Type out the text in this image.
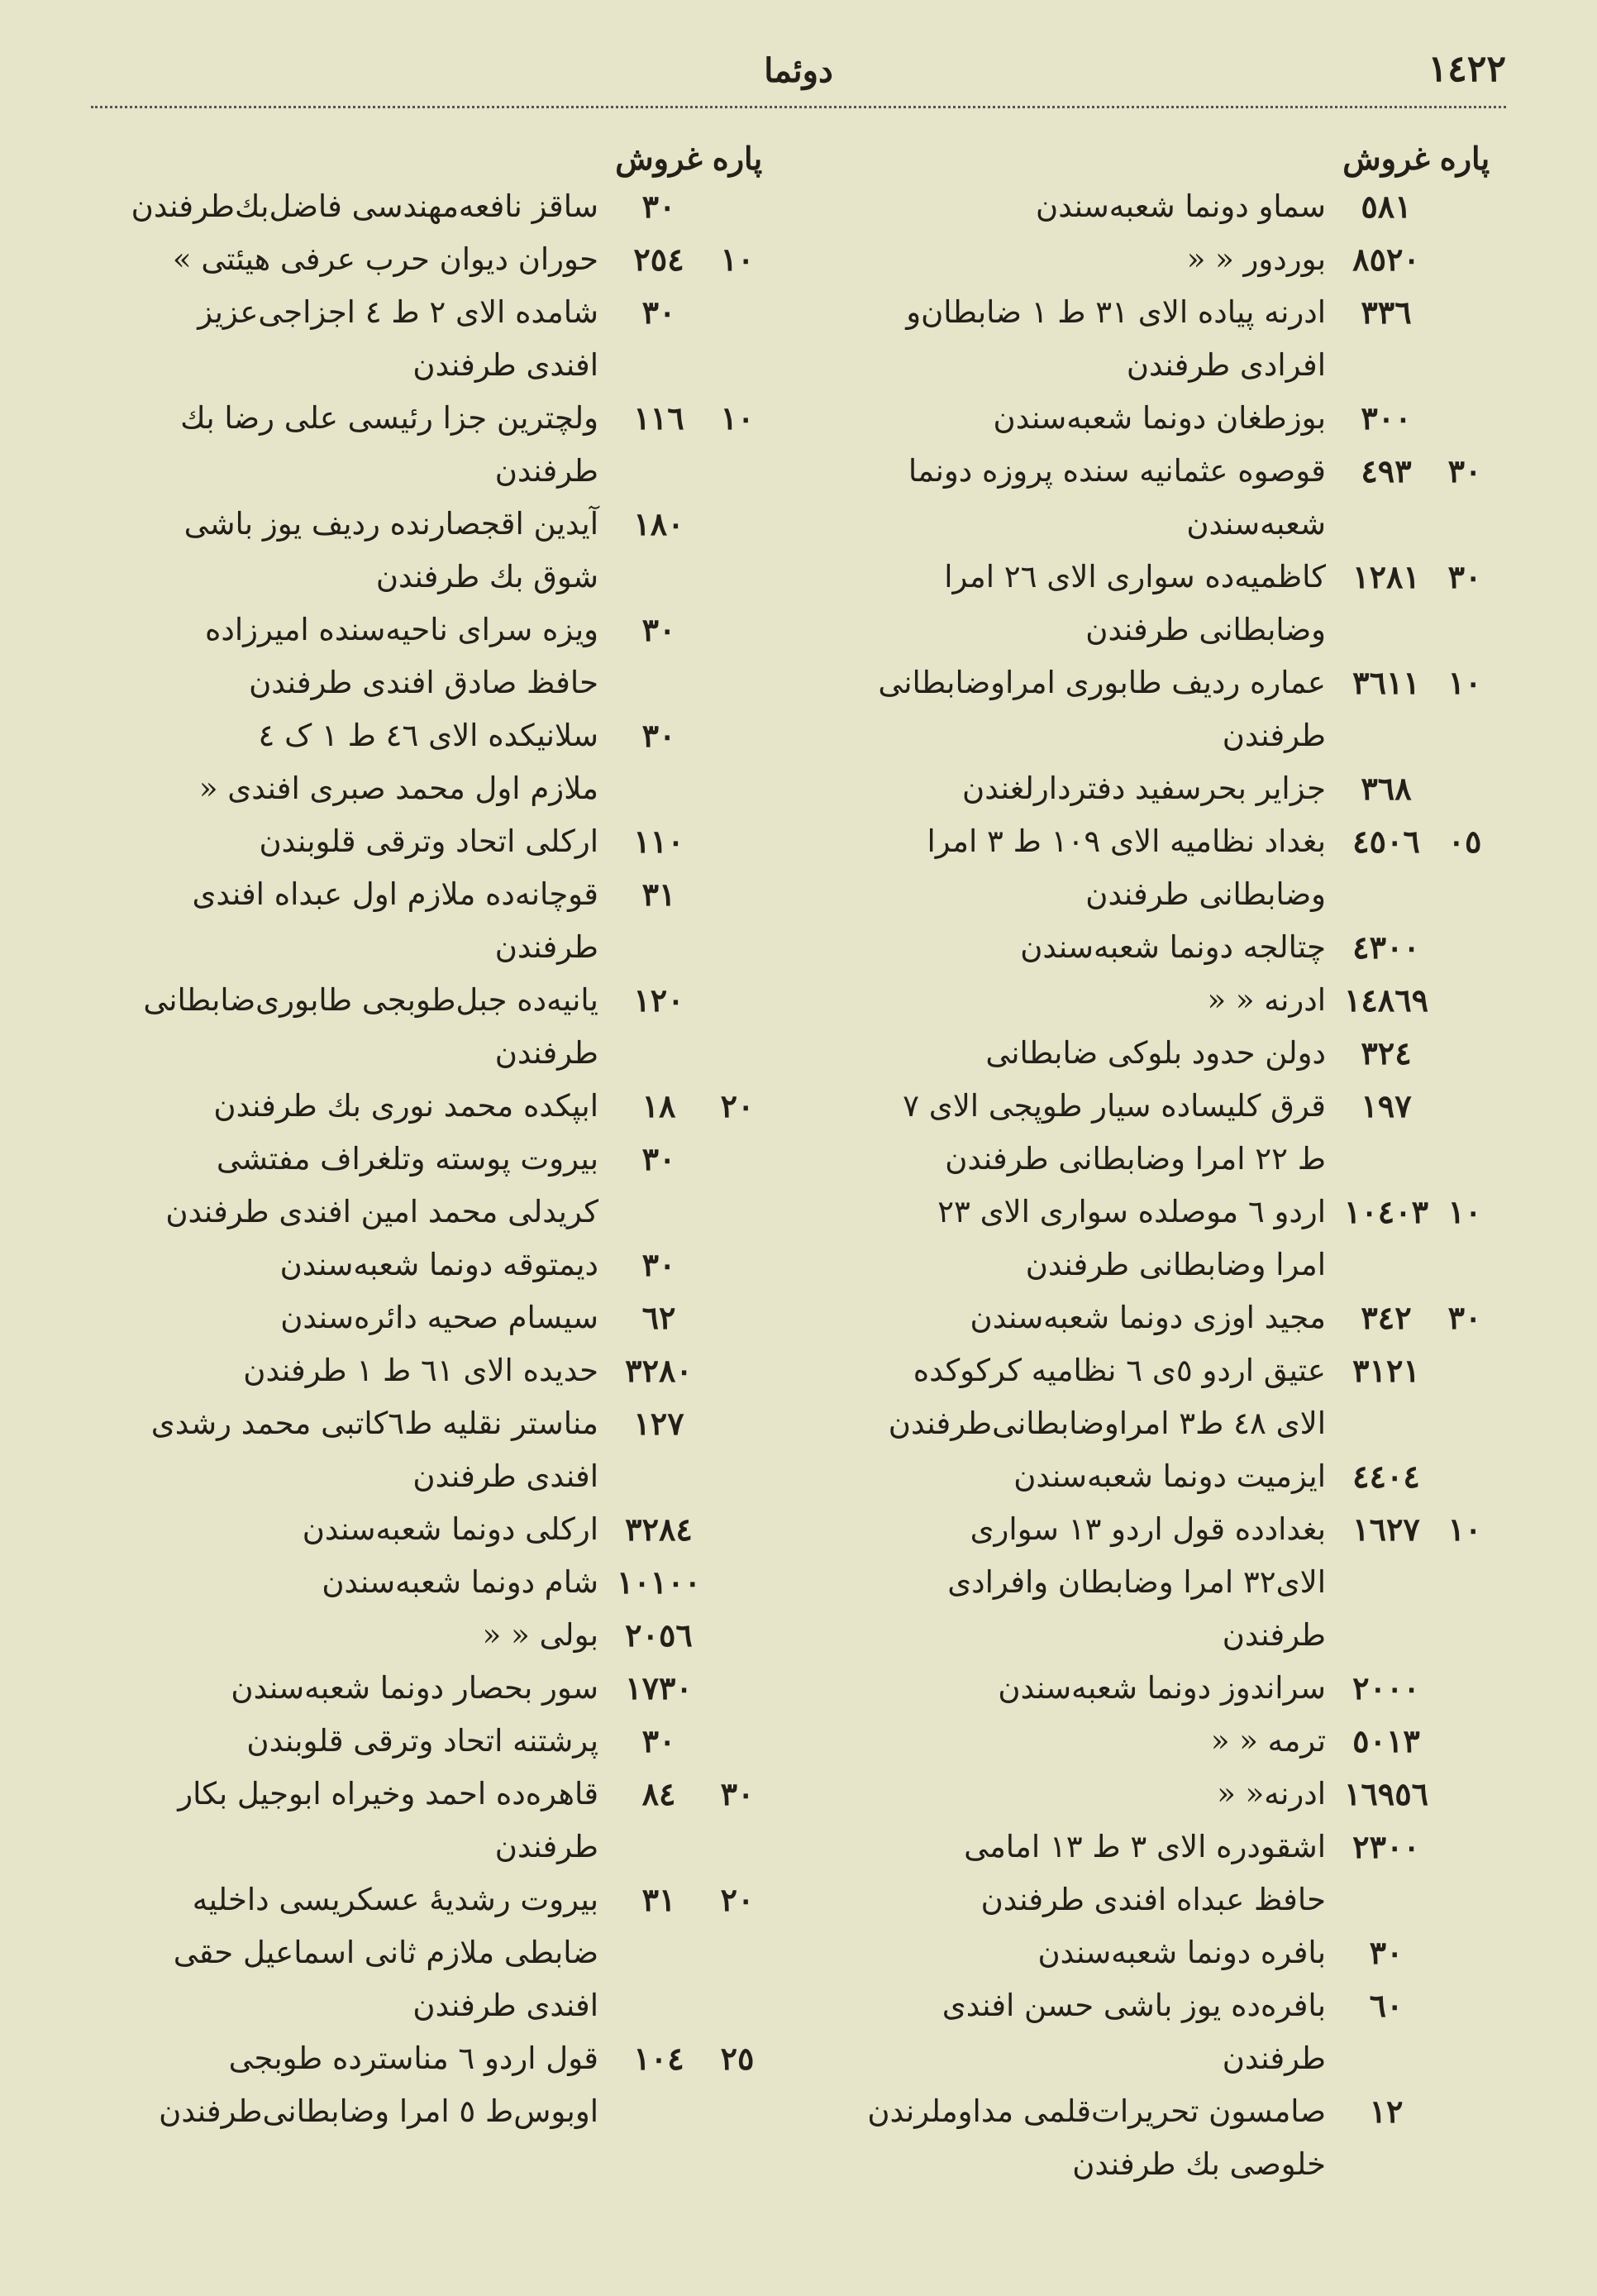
١٤٢٢
دوئما
پاره
غروش
٥٨١
سماو دونما شعبه‌سندن
٨٥٢٠
بوردور « «
٣٣٦
ادرنه پیاده الای ٣١ ط ١ ضابطان‌و
افرادی طرفندن
٣٠٠
بوزطغان دونما شعبه‌سندن
٣٠
٤٩٣
قوصوه عثمانیه سنده پروزه دونما
شعبه‌سندن
٣٠
١٢٨١
کاظمیه‌ده سواری الای ٢٦ امرا
وضابطانی طرفندن
١٠
٣٦١١
عماره ردیف طابوری امراوضابطانی
طرفندن
٣٦٨
جزایر بحرسفید دفتردارلغندن
٠٥
٤٥٠٦
بغداد نظامیه الای ١٠٩ ط ٣ امرا
وضابطانی طرفندن
٤٣٠٠
چتالجه دونما شعبه‌سندن
١٤٨٦٩
ادرنه « «
٣٢٤
دولن حدود بلوکی ضابطانی
١٩٧
قرق کلیساده سیار طوپجی الای ٧
ط ٢٢ امرا وضابطانی طرفندن
١٠
١٠٤٠٣
اردو ٦ موصلده سواری الای ٢٣
امرا وضابطانی طرفندن
٣٠
٣٤٢
مجید اوزی دونما شعبه‌سندن
٣١٢١
عتیق اردو ٥ی ٦ نظامیه کرکوکده
الای ٤٨ ط٣ امراوضابطانی‌طرفندن
٤٤٠٤
ایزمیت دونما شعبه‌سندن
١٠
١٦٢٧
بغدادده قول اردو ١٣ سواری
الای٣٢ امرا وضابطان وافرادی
طرفندن
٢٠٠٠
سراندوز دونما شعبه‌سندن
٥٠١٣
ترمه « «
١٦٩٥٦
ادرنه« «
٢٣٠٠
اشقودره الای ٣ ط ١٣ امامی
حافظ عبداه افندی طرفندن
٣٠
بافره دونما شعبه‌سندن
٦٠
بافره‌ده یوز باشی حسن افندی
طرفندن
١٢
صامسون تحریرات‌قلمی مداوملرندن
خلوصی بك طرفندن
پاره
غروش
٣٠
ساقز نافعه‌مهندسی فاضل‌بك‌طرفندن
١٠
٢٥٤
حوران دیوان حرب عرفی هیئتی »
٣٠
شامده الای ٢ ط ٤ اجزاجی‌عزیز
افندی طرفندن
١٠
١١٦
ولچترین جزا رئیسی علی رضا بك
طرفندن
١٨٠
آیدین اقجصارنده ردیف یوز باشی
شوق بك طرفندن
٣٠
ویزه سرای ناحیه‌سنده امیرزاده
حافظ صادق افندی طرفندن
٣٠
سلانیکده الای ٤٦ ط ١ ک ٤
ملازم اول محمد صبری افندی «
١١٠
ارکلی اتحاد وترقی قلوبندن
٣١
قوچانه‌ده ملازم اول عبداه افندی
طرفندن
١٢٠
یانیه‌ده جبل‌طوبجی طابوری‌ضابطانی
طرفندن
٢٠
١٨
ابپکده محمد نوری بك طرفندن
٣٠
بیروت پوسته وتلغراف مفتشی
کریدلی محمد امین افندی طرفندن
٣٠
دیمتوقه دونما شعبه‌سندن
٦٢
سیسام صحیه دائره‌سندن
٣٢٨٠
حدیده الای ٦١ ط ١ طرفندن
١٢٧
مناستر نقلیه ط٦کاتبی محمد رشدی
افندی طرفندن
٣٢٨٤
ارکلی دونما شعبه‌سندن
١٠١٠٠
شام دونما شعبه‌سندن
٢٠٥٦
بولی « «
١٧٣٠
سور بحصار دونما شعبه‌سندن
٣٠
پرشتنه اتحاد وترقی قلوبندن
٣٠
٨٤
قاهره‌ده احمد وخیراه ابوجیل بکار
طرفندن
٢٠
٣١
بیروت رشدیهٔ عسکریسی داخلیه
ضابطی ملازم ثانی اسماعیل حقی
افندی طرفندن
٢٥
١٠٤
قول اردو ٦ مناسترده طوبجی
اوبوس‌ط ٥ امرا وضابطانی‌طرفندن
